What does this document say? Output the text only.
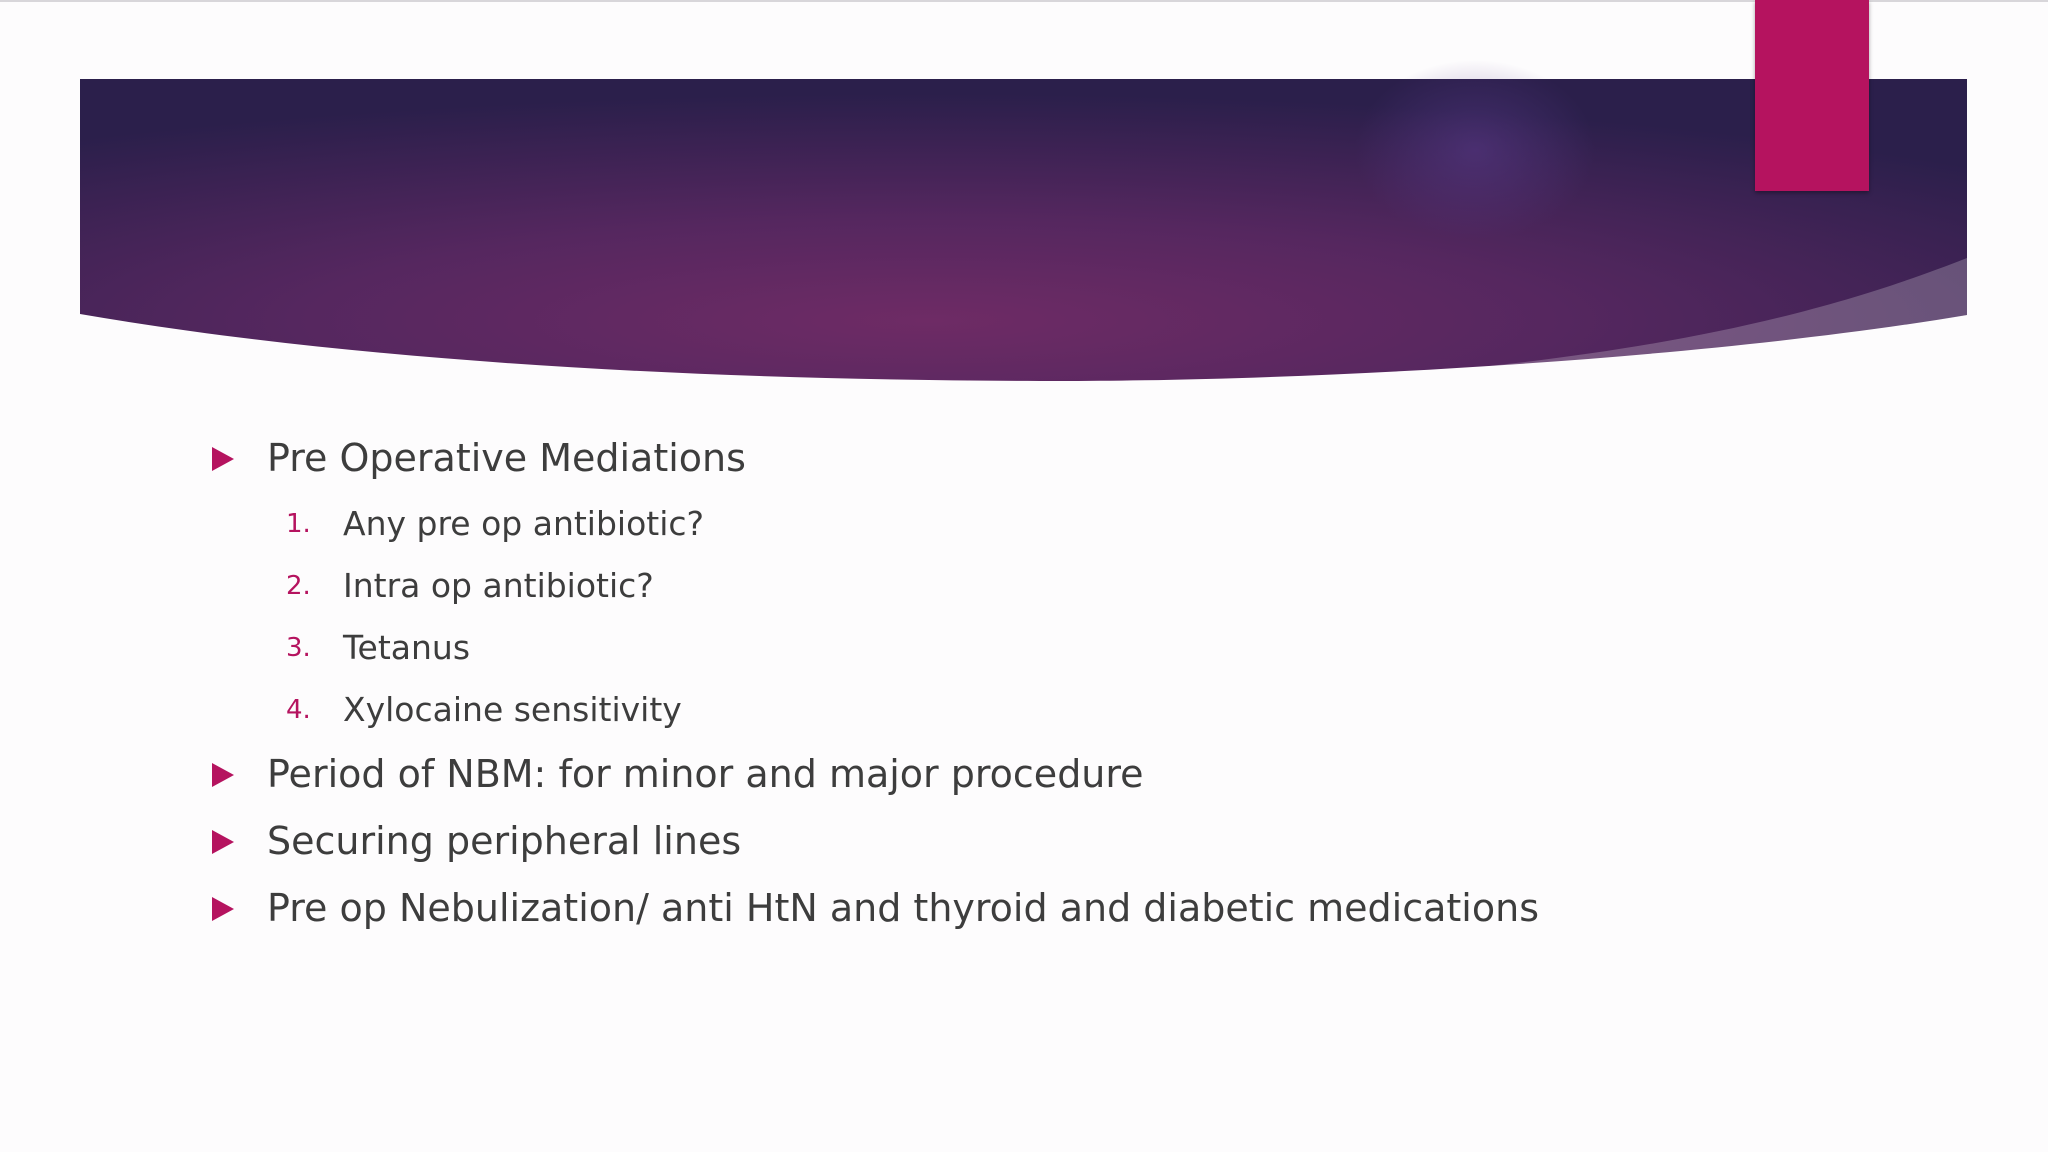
Pre Operative Mediations
1. Any pre op antibiotic?
2. Intra op antibiotic?
3. Tetanus
4. Xylocaine sensitivity
Period of NBM: for minor and major procedure
Securing peripheral lines
Pre op Nebulization/ anti HtN and thyroid and diabetic medications
